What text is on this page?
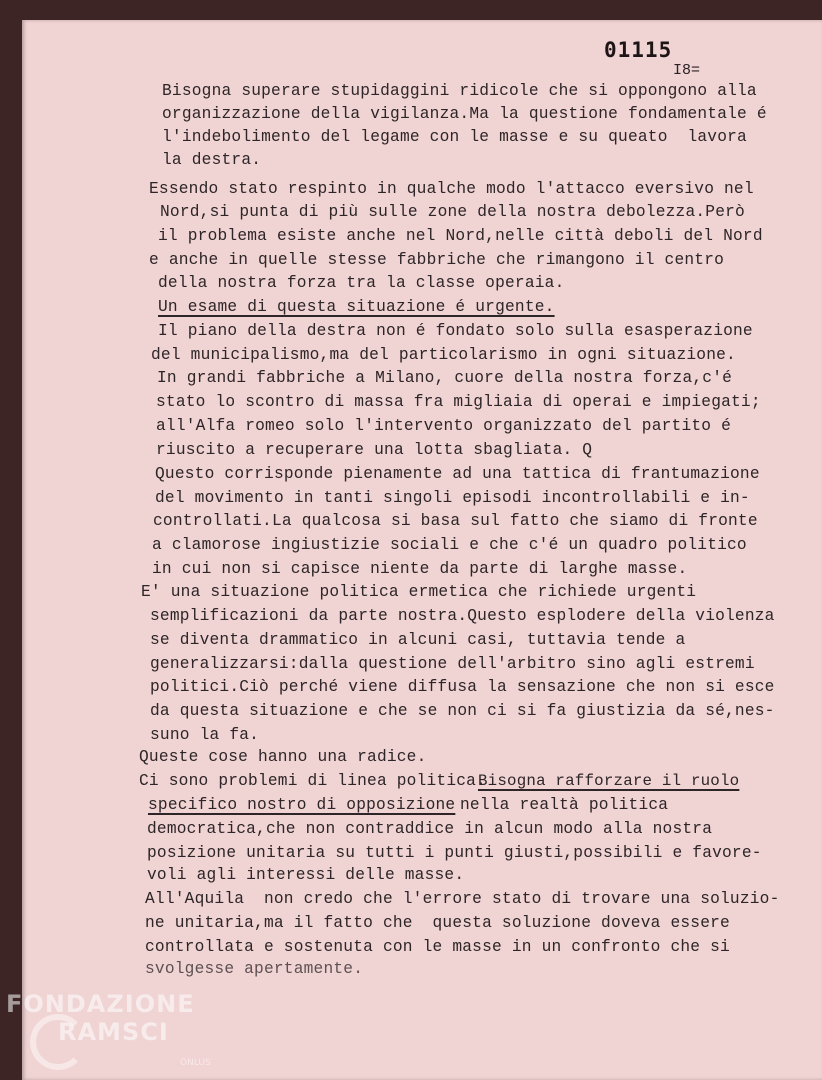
01115
I8=
Bisogna superare stupidaggini ridicole che si oppongono alla
organizzazione della vigilanza.Ma la questione fondamentale é
l'indebolimento del legame con le masse e su queato  lavora
la destra.
Essendo stato respinto in qualche modo l'attacco eversivo nel
Nord,si punta di più sulle zone della nostra debolezza.Però
il problema esiste anche nel Nord,nelle città deboli del Nord
e anche in quelle stesse fabbriche che rimangono il centro
della nostra forza tra la classe operaia.
Un esame di questa situazione é urgente.
Il piano della destra non é fondato solo sulla esasperazione
del municipalismo,ma del particolarismo in ogni situazione.
In grandi fabbriche a Milano, cuore della nostra forza,c'é
stato lo scontro di massa fra migliaia di operai e impiegati;
all'Alfa romeo solo l'intervento organizzato del partito é
riuscito a recuperare una lotta sbagliata. Q
Questo corrisponde pienamente ad una tattica di frantumazione
del movimento in tanti singoli episodi incontrollabili e in-
controllati.La qualcosa si basa sul fatto che siamo di fronte
a clamorose ingiustizie sociali e che c'é un quadro politico
in cui non si capisce niente da parte di larghe masse.
E' una situazione politica ermetica che richiede urgenti
semplificazioni da parte nostra.Questo esplodere della violenza
se diventa drammatico in alcuni casi, tuttavia tende a
generalizzarsi:dalla questione dell'arbitro sino agli estremi
politici.Ciò perché viene diffusa la sensazione che non si esce
da questa situazione e che se non ci si fa giustizia da sé,nes-
suno la fa.
Queste cose hanno una radice.
Ci sono problemi di linea politica.
Bisogna rafforzare il ruolo
specifico nostro di opposizione nella realtà politica
democratica,che non contraddice in alcun modo alla nostra
posizione unitaria su tutti i punti giusti,possibili e favore-
voli agli interessi delle masse.
All'Aquila  non credo che l'errore stato di trovare una soluzio-
ne unitaria,ma il fatto che  questa soluzione doveva essere
controllata e sostenuta con le masse in un confronto che si
svolgesse apertamente.
FONDAZIONE
RAMSCI
ONLUS
